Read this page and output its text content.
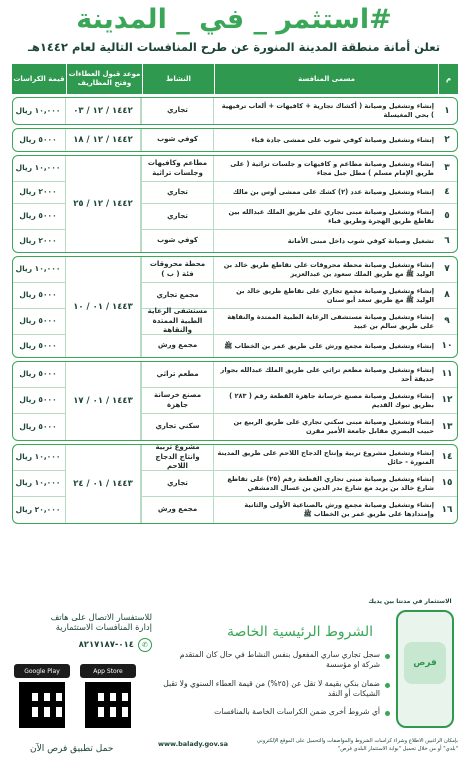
#استثمر _ في _ المدينة
تعلن أمانة منطقة المدينة المنورة عن طرح المنافسات التالية لعام ١٤٤٢هـ
م
مسمى المنافسة
النشاط
موعد قبول العطاءات وفتح المظاريف
قيمة الكراسات
١
إنشاء وتشغيل وصيانة ( أكشاك تجارية + كافيهات + ألعاب ترفيهية ) بحي المغيسلة
تجاري
١٤٤٢ / ١٢ / ٠٣
١٠,٠٠٠ ريال
٢
إنشاء وتشغيل وصيانة كوفي شوب على ممشى جادة قباء
كوفي شوب
١٤٤٢ / ١٢ / ١٨
٥٠٠٠ ريال
٣
إنشاء وتشغيل وصيانة مطاعم و كافيهات و جلسات تراثية ( على طريق الإمام مسلم ) مطل جبل مجاء
مطاعم وكافيهات وجلسات تراثية
٤
إنشاء وتشغيل وصيانة عدد (٢) كشك على ممشى أوس بن مالك
تجاري
٥
إنشاء وتشغيل وصيانة مبنى تجاري على طريق الملك عبدالله بين تقاطع طريق الهجرة وطريق قباء
تجاري
٦
تشغيل وصيانة كوفي شوب داخل مبنى الأمانة
كوفي شوب
١٤٤٢ / ١٢ / ٢٥
١٠,٠٠٠ ريال
٢٠٠٠ ريال
٥٠٠٠ ريال
٢٠٠٠ ريال
٧
إنشاء وتشغيل وصيانة محطة محروقات على تقاطع طريق خالد بن الوليد ﷺ مع طريق الملك سعود بن عبدالعزيز
محطة محروقات فئة ( ب )
٨
إنشاء وتشغيل وصيانة مجمع تجاري على تقاطع طريق خالد بن الوليد ﷺ مع طريق سعد أبو سنان
مجمع تجاري
٩
إنشاء وتشغيل وصيانة مستشفى الرعاية الطبية الممتدة والنقاهة على طريق سالم بن عبيد
مستشفى الرعاية الطبية الممتدة والنقاهة
١٠
إنشاء وتشغيل وصيانة مجمع ورش على طريق عمر بن الخطاب ﷺ
مجمع ورش
١٤٤٣ / ٠١ / ١٠
١٠,٠٠٠ ريال
٥٠٠٠ ريال
٥٠٠٠ ريال
٥٠٠٠ ريال
١١
إنشاء وتشغيل وصيانة مطعم تراثي على طريق الملك عبدالله بجوار حديقة أحد
مطعم تراثي
١٢
إنشاء وتشغيل وصيانة مصنع خرسانة جاهزة القطعة رقم ( ٢٨٣ ) بطريق تبوك القديم
مصنع خرسانة جاهزة
١٣
إنشاء وتشغيل وصيانة مبنى سكني تجاري على طريق الربيع بن حبيب البصري مقابل جامعة الأمير مقرن
سكني تجاري
١٤٤٣ / ٠١ / ١٧
٥٠٠٠ ريال
٥٠٠٠ ريال
٥٠٠٠ ريال
١٤
إنشاء وتشغيل مشروع تربية وإنتاج الدجاج اللاحم على طريق المدينة المنورة - حائل
مشروع تربية وانتاج الدجاج اللاحم
١٥
إنشاء وتشغيل وصيانة مبنى تجاري القطعة رقم (٢٥) على تقاطع شارع خالد بن يزيد مع شارع بدر الدين بن عسال الدمشقي
تجاري
١٦
إنشاء وتشغيل وصيانة مجمع ورش بالصناعية الأولى والثانية وإمتدادها على طريق عمر بن الخطاب ﷺ
مجمع ورش
١٤٤٣ / ٠١ / ٢٤
١٠,٠٠٠ ريال
١٠,٠٠٠ ريال
٢٠,٠٠٠ ريال
الاستثمار في مدنتا بين يديك
فرص
الشروط الرئيسية الخاصة
سجل تجاري ساري المفعول بنفس النشاط في حال كان المتقدم شركة او مؤسسة
ضمان بنكي بقيمة لا تقل عن (٢٥%) من قيمة العطاء السنوي ولا تقبل الشيكات أو النقد
أي شروط أخرى ضمن الكراسات الخاصة بالمنافسات
للاستفسار الاتصال على هاتف
إدارة المنافسات الاستثمارية
✆
٠١٤-٨٢١٧١٨٧
Google Play	App Store
حمل تطبيق فرص الآن
بإمكان الراغبين الاطلاع وشراء كراسات الشروط والمواصفات والتحميل على الموقع الإلكتروني "بلدي" أو من خلال تحميل "بوابة الاستثمار البلدي فرص"
www.balady.gov.sa
